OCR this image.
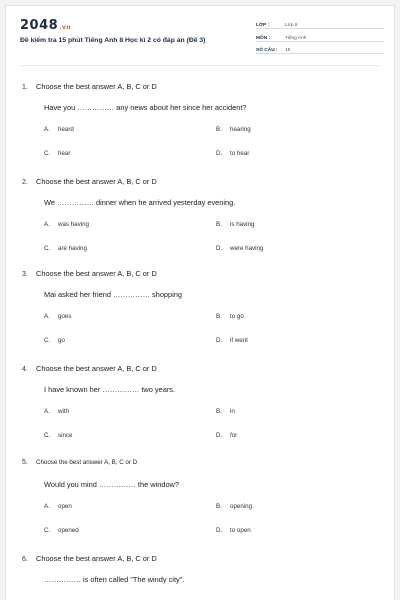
2048.vn
Đề kiểm tra 15 phút Tiếng Anh 8 Học kì 2 có đáp án (Đề 3)
LỚP :	Lớp 8
MÔN :	Tiếng Anh
SỐ CÂU :	15
1.	Choose the best answer A, B, C or D
Have you …………… any news about her since her accident?
A.	heard	B.	hearing
C.	hear	D.	to hear
2.	Choose the best answer A, B, C or D
We …………… dinner when he arrived yesterday evening.
A.	was having	B.	is having
C.	are having	D.	were having
3.	Choose the best answer A, B, C or D
Mai asked her friend …………… shopping
A.	goes	B.	to go
C.	go	D.	if went
4.	Choose the best answer A, B, C or D
I have known her …………… two years.
A.	with	B.	in
C.	since	D.	for
5.	Choose the best answer A, B, C or D
Would you mind …………… the window?
A.	open	B.	opening
C.	opened	D.	to open
6.	Choose the best answer A, B, C or D
…………… is often called "The windy city".
